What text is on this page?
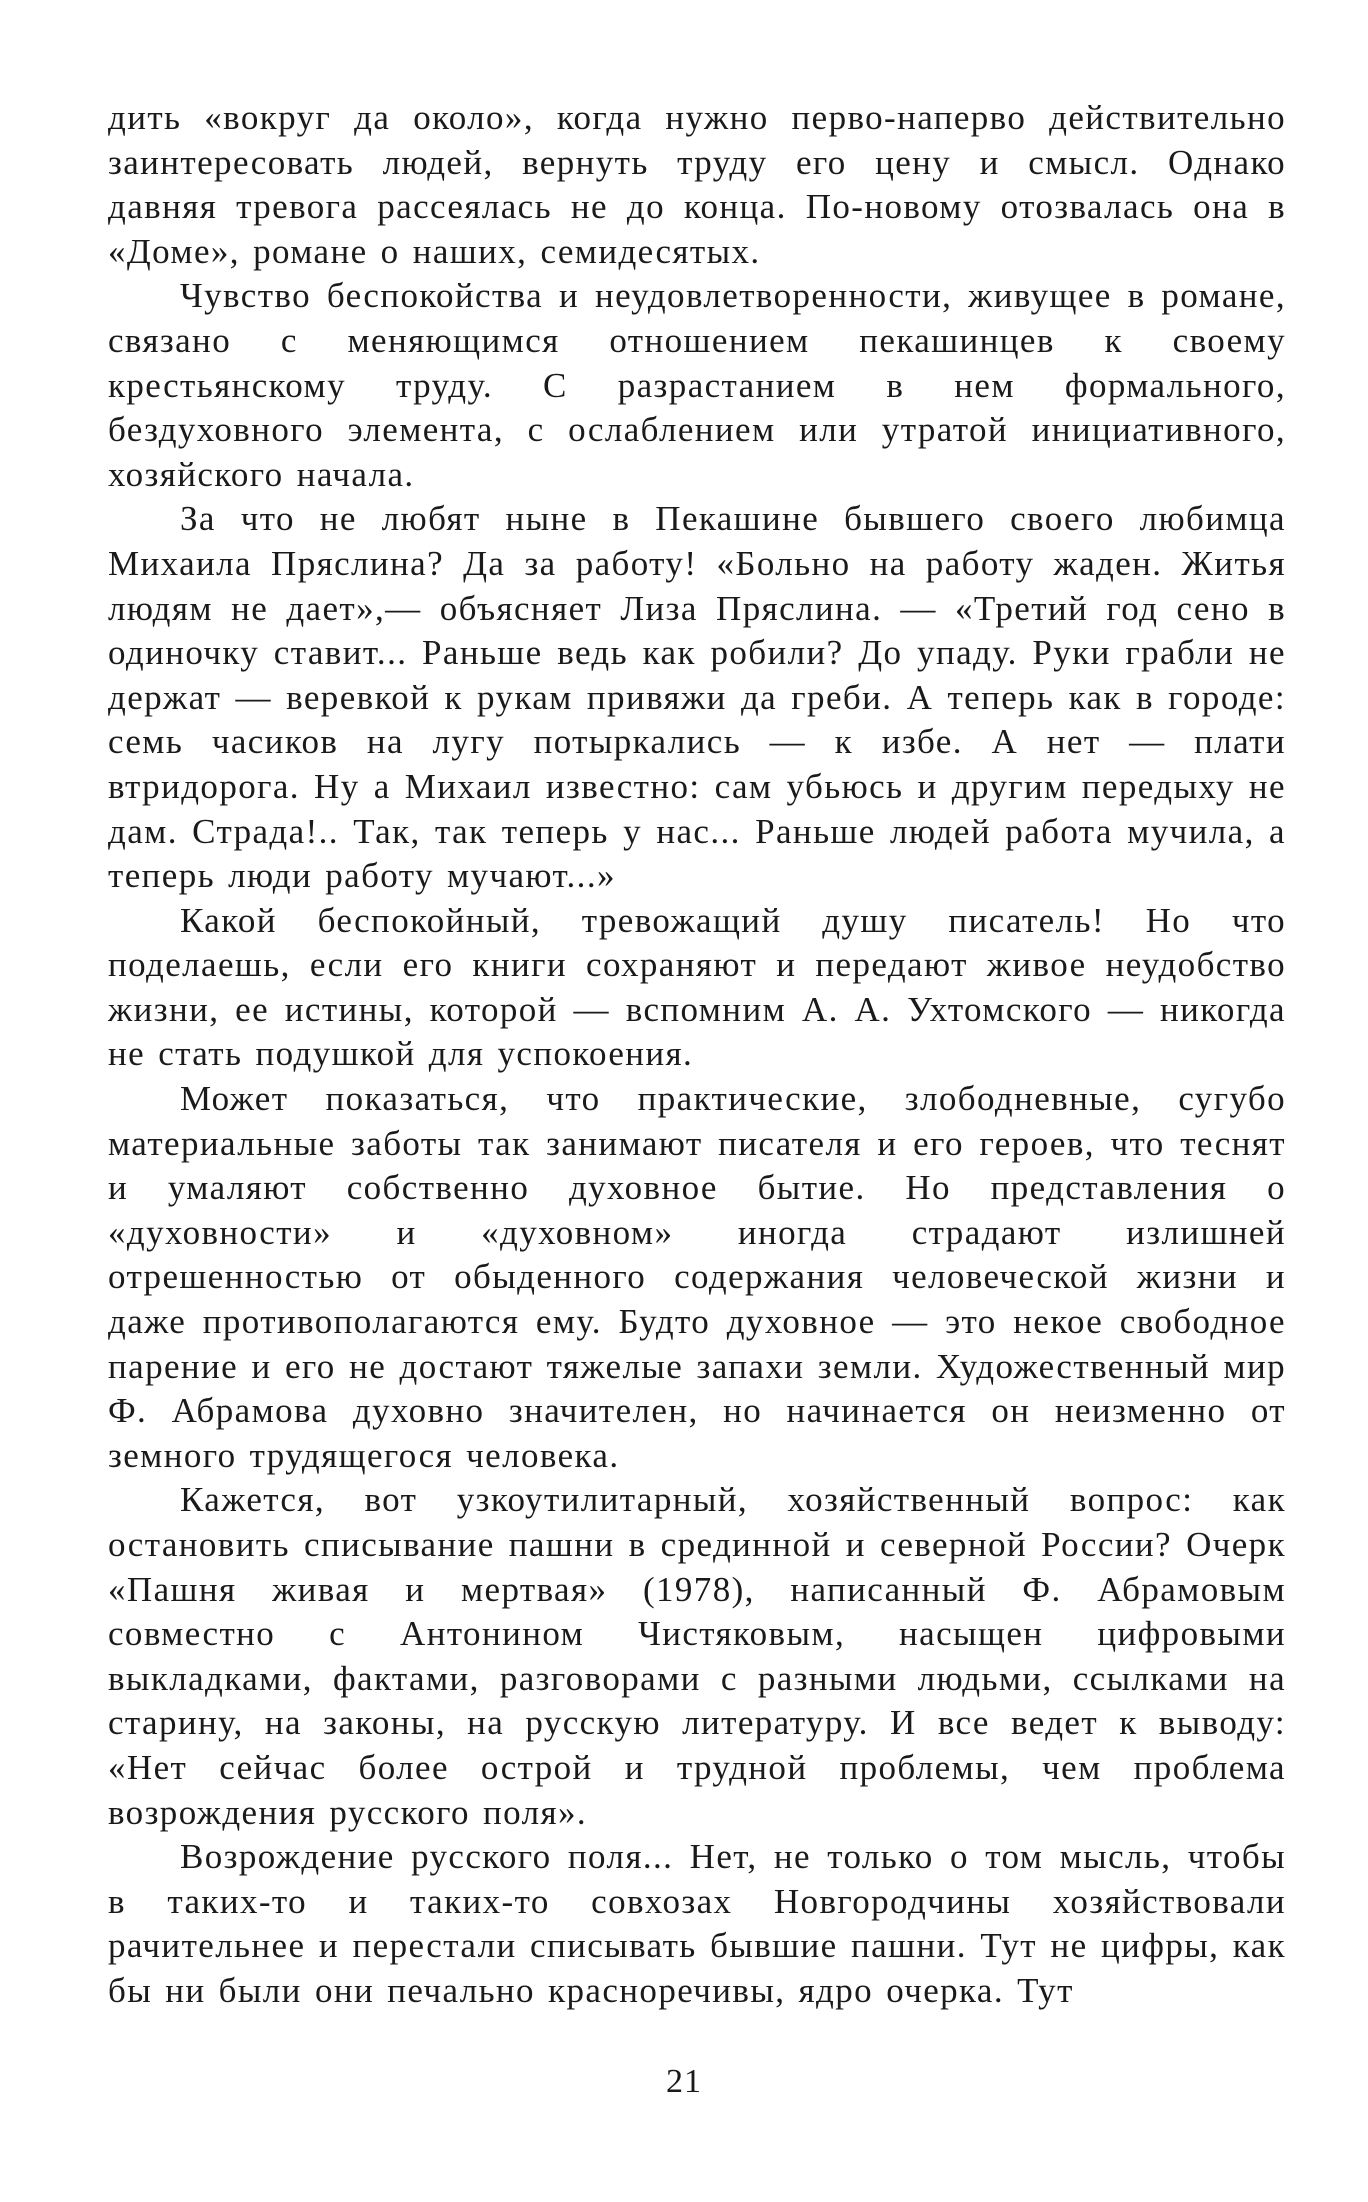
дить «вокруг да около», когда нужно перво-наперво действительно заинтересовать людей, вернуть труду его цену и смысл. Однако давняя тревога рассеялась не до конца. По-новому отозвалась она в «Доме», романе о наших, семидесятых.

Чувство беспокойства и неудовлетворенности, живущее в романе, связано с меняющимся отношением пекашинцев к своему крестьянскому труду. С разрастанием в нем формального, бездуховного элемента, с ослаблением или утратой инициативного, хозяйского начала.

За что не любят ныне в Пекашине бывшего своего любимца Михаила Пряслина? Да за работу! «Больно на работу жаден. Житья людям не дает»,— объясняет Лиза Пряслина. — «Третий год сено в одиночку ставит... Раньше ведь как робили? До упаду. Руки грабли не держат — веревкой к рукам привяжи да греби. А теперь как в городе: семь часиков на лугу потыркались — к избе. А нет — плати втридорога. Ну а Михаил известно: сам убьюсь и другим передыху не дам. Страда!.. Так, так теперь у нас... Раньше людей работа мучила, а теперь люди работу мучают...»

Какой беспокойный, тревожащий душу писатель! Но что поделаешь, если его книги сохраняют и передают живое неудобство жизни, ее истины, которой — вспомним А. А. Ухтомского — никогда не стать подушкой для успокоения.

Может показаться, что практические, злободневные, сугубо материальные заботы так занимают писателя и его героев, что теснят и умаляют собственно духовное бытие. Но представления о «духовности» и «духовном» иногда страдают излишней отрешенностью от обыденного содержания человеческой жизни и даже противополагаются ему. Будто духовное — это некое свободное парение и его не достают тяжелые запахи земли. Художественный мир Ф. Абрамова духовно значителен, но начинается он неизменно от земного трудящегося человека.

Кажется, вот узкоутилитарный, хозяйственный вопрос: как остановить списывание пашни в срединной и северной России? Очерк «Пашня живая и мертвая» (1978), написанный Ф. Абрамовым совместно с Антонином Чистяковым, насыщен цифровыми выкладками, фактами, разговорами с разными людьми, ссылками на старину, на законы, на русскую литературу. И все ведет к выводу: «Нет сейчас более острой и трудной проблемы, чем проблема возрождения русского поля».

Возрождение русского поля... Нет, не только о том мысль, чтобы в таких-то и таких-то совхозах Новгородчины хозяйствовали рачительнее и перестали списывать бывшие пашни. Тут не цифры, как бы ни были они печально красноречивы, ядро очерка. Тут

21
